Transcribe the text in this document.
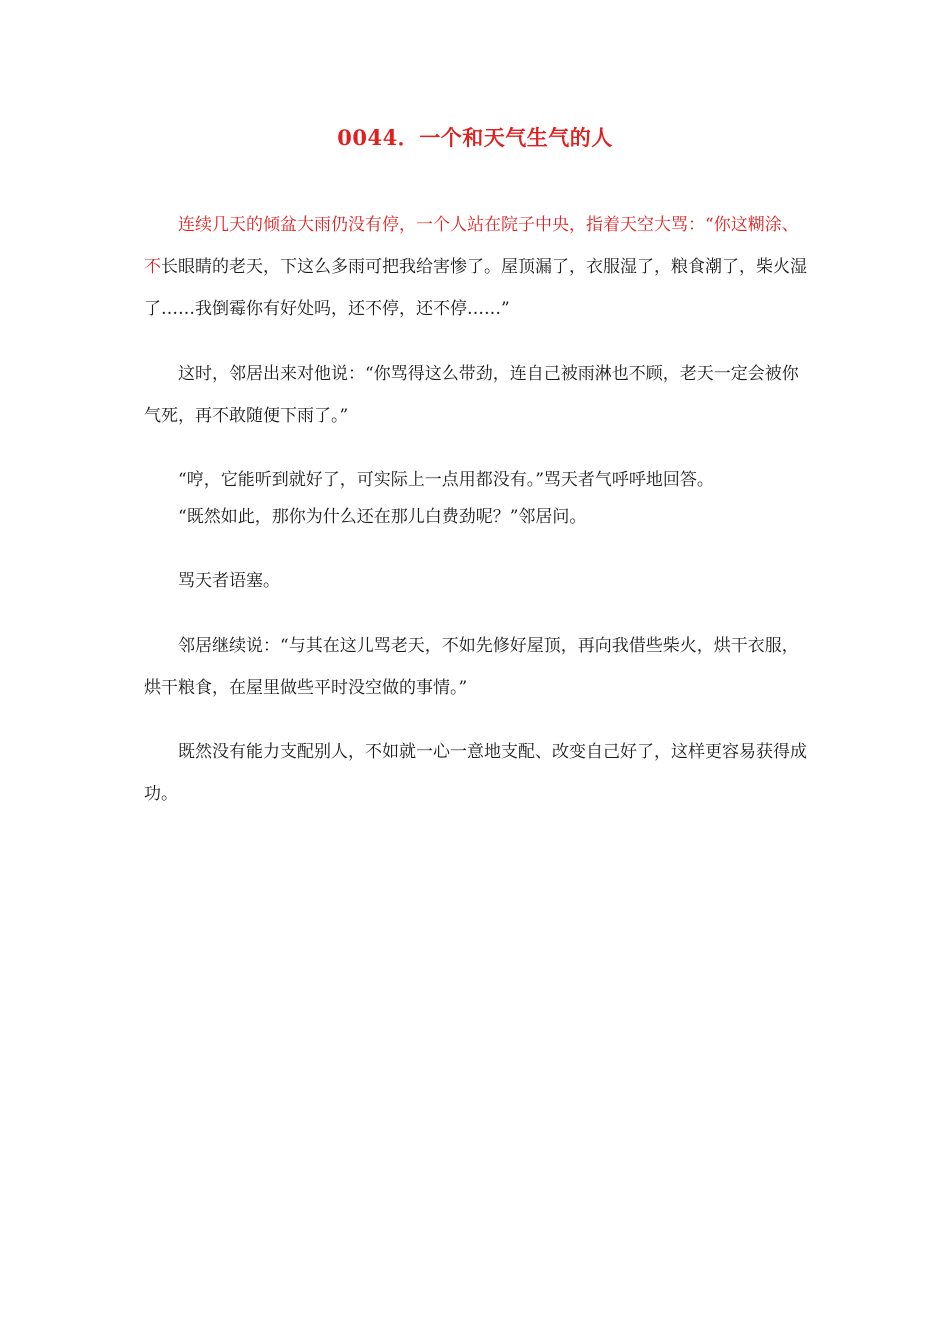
0044．一个和天气生气的人

连续几天的倾盆大雨仍没有停，一个人站在院子中央，指着天空大骂：“你这糊涂、不长眼睛的老天，下这么多雨可把我给害惨了。屋顶漏了，衣服湿了，粮食潮了，柴火湿了……我倒霉你有好处吗，还不停，还不停……”

这时，邻居出来对他说：“你骂得这么带劲，连自己被雨淋也不顾，老天一定会被你气死，再不敢随便下雨了。”

“哼，它能听到就好了，可实际上一点用都没有。”骂天者气呼呼地回答。

“既然如此，那你为什么还在那儿白费劲呢？”邻居问。

骂天者语塞。

邻居继续说：“与其在这儿骂老天，不如先修好屋顶，再向我借些柴火，烘干衣服，烘干粮食，在屋里做些平时没空做的事情。”

既然没有能力支配别人，不如就一心一意地支配、改变自己好了，这样更容易获得成功。
